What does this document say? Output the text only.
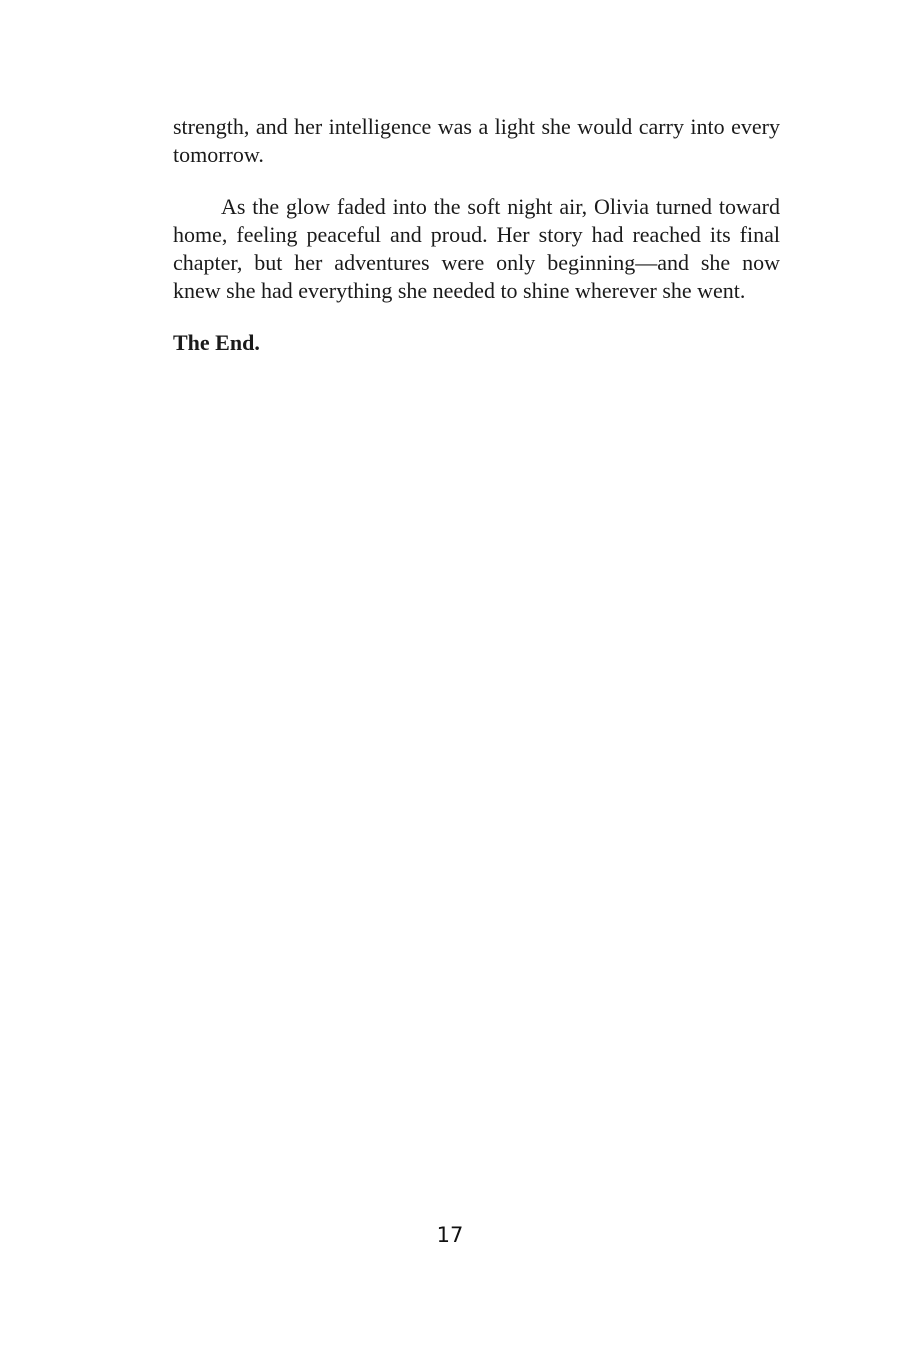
strength, and her intelligence was a light she would carry into every tomorrow.

As the glow faded into the soft night air, Olivia turned toward home, feeling peaceful and proud. Her story had reached its final chapter, but her adventures were only beginning—and she now knew she had everything she needed to shine wherever she went.

The End.

17
